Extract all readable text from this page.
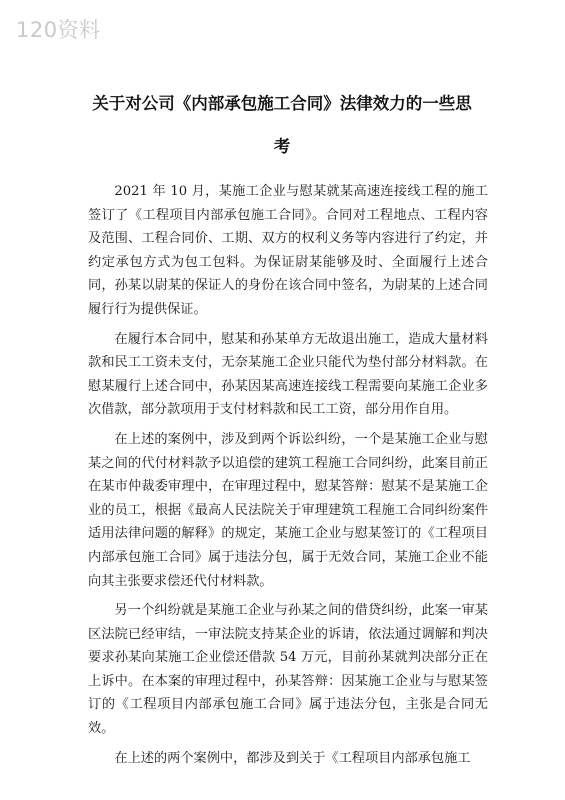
120资料
关于对公司《内部承包施工合同》法律效力的一些思
考

2021 年 10 月，某施工企业与慰某就某高速连接线工程的施工签订了《工程项目内部承包施工合同》。合同对工程地点、工程内容及范围、工程合同价、工期、双方的权利义务等内容进行了约定，并约定承包方式为包工包料。为保证尉某能够及时、全面履行上述合同，孙某以尉某的保证人的身份在该合同中签名，为尉某的上述合同履行行为提供保证。

在履行本合同中，慰某和孙某单方无故退出施工，造成大量材料款和民工工资未支付，无奈某施工企业只能代为垫付部分材料款。在慰某履行上述合同中，孙某因某高速连接线工程需要向某施工企业多次借款，部分款项用于支付材料款和民工工资，部分用作自用。

在上述的案例中，涉及到两个诉讼纠纷，一个是某施工企业与慰某之间的代付材料款予以追偿的建筑工程施工合同纠纷，此案目前正在某市仲裁委审理中，在审理过程中，慰某答辩：慰某不是某施工企业的员工，根据《最高人民法院关于审理建筑工程施工合同纠纷案件适用法律问题的解释》的规定，某施工企业与慰某签订的《工程项目内部承包施工合同》属于违法分包，属于无效合同，某施工企业不能向其主张要求偿还代付材料款。

另一个纠纷就是某施工企业与孙某之间的借贷纠纷，此案一审某区法院已经审结，一审法院支持某企业的诉请，依法通过调解和判决要求孙某向某施工企业偿还借款 54 万元，目前孙某就判决部分正在上诉中。在本案的审理过程中，孙某答辩：因某施工企业与与慰某签订的《工程项目内部承包施工合同》属于违法分包，主张是合同无效。

在上述的两个案例中，都涉及到关于《工程项目内部承包施工
